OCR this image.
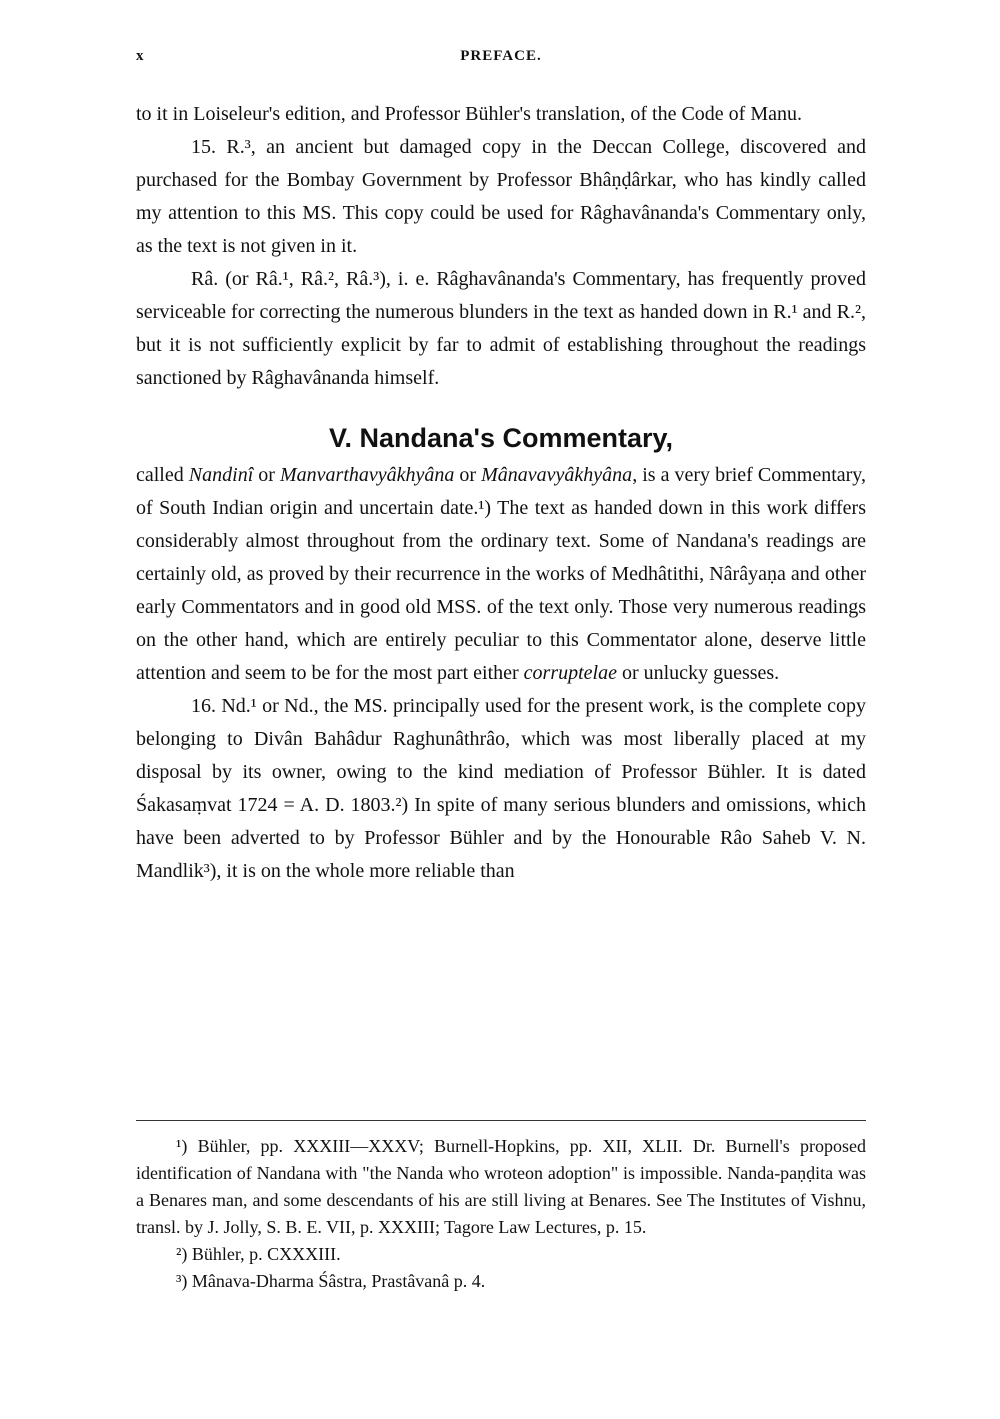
x	PREFACE.

to it in Loiseleur's edition, and Professor Bühler's translation, of the Code of Manu.

15. R.³, an ancient but damaged copy in the Deccan College, discovered and purchased for the Bombay Government by Professor Bhâṇḍârkar, who has kindly called my attention to this MS. This copy could be used for Râghavânanda's Commentary only, as the text is not given in it.

Râ. (or Râ.¹, Râ.², Râ.³), i. e. Râghavânanda's Commentary, has frequently proved serviceable for correcting the numerous blunders in the text as handed down in R.¹ and R.², but it is not sufficiently explicit by far to admit of establishing throughout the readings sanctioned by Râghavânanda himself.

V. Nandana's Commentary,

called Nandinî or Manvarthavyâkhyâna or Mânavavyâkhyâna, is a very brief Commentary, of South Indian origin and uncertain date.¹) The text as handed down in this work differs considerably almost throughout from the ordinary text. Some of Nandana's readings are certainly old, as proved by their recurrence in the works of Medhâtithi, Nârâyaṇa and other early Commentators and in good old MSS. of the text only. Those very numerous readings on the other hand, which are entirely peculiar to this Commentator alone, deserve little attention and seem to be for the most part either corruptelae or unlucky guesses.

16. Nd.¹ or Nd., the MS. principally used for the present work, is the complete copy belonging to Divân Bahâdur Raghunâthrâo, which was most liberally placed at my disposal by its owner, owing to the kind mediation of Professor Bühler. It is dated Śakasaṃvat 1724 = A. D. 1803.²) In spite of many serious blunders and omissions, which have been adverted to by Professor Bühler and by the Honourable Râo Saheb V. N. Mandlik³), it is on the whole more reliable than

¹) Bühler, pp. XXXIII—XXXV; Burnell-Hopkins, pp. XII, XLII. Dr. Burnell's proposed identification of Nandana with "the Nanda who wroteon adoption" is impossible. Nanda-paṇḍita was a Benares man, and some descendants of his are still living at Benares. See The Institutes of Vishnu, transl. by J. Jolly, S. B. E. VII, p. XXXIII; Tagore Law Lectures, p. 15.

²) Bühler, p. CXXXIII.

³) Mânava-Dharma Śâstra, Prastâvanâ p. 4.
